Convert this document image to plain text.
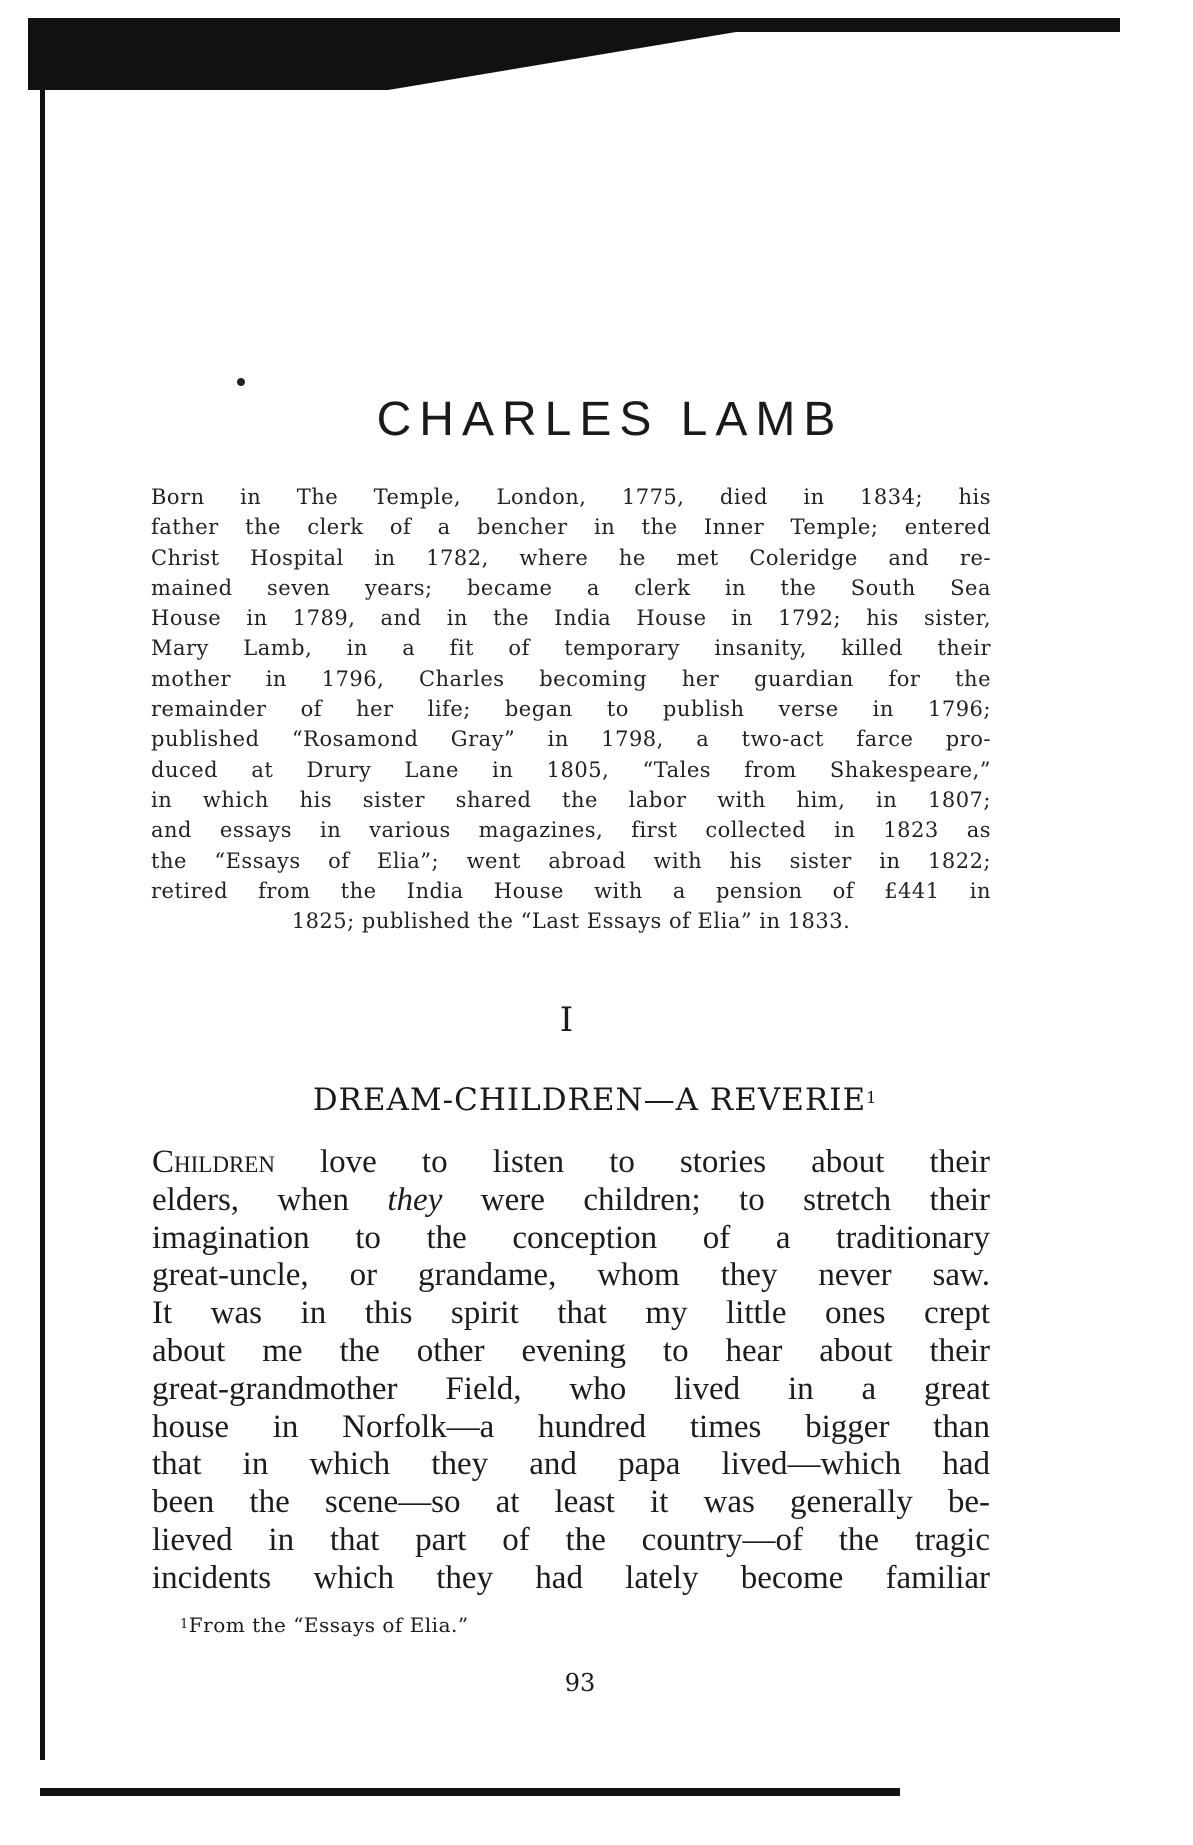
CHARLES LAMB
Born in The Temple, London, 1775, died in 1834; his
father the clerk of a bencher in the Inner Temple; entered
Christ Hospital in 1782, where he met Coleridge and re-
mained seven years; became a clerk in the South Sea
House in 1789, and in the India House in 1792; his sister,
Mary Lamb, in a fit of temporary insanity, killed their
mother in 1796, Charles becoming her guardian for the
remainder of her life; began to publish verse in 1796;
published “Rosamond Gray” in 1798, a two-act farce pro-
duced at Drury Lane in 1805, “Tales from Shakespeare,”
in which his sister shared the labor with him, in 1807;
and essays in various magazines, first collected in 1823 as
the “Essays of Elia”; went abroad with his sister in 1822;
retired from the India House with a pension of £441 in
1825; published the “Last Essays of Elia” in 1833.
I
DREAM-CHILDREN—A REVERIE$^1$
Children love to listen to stories about their
elders, when they were children; to stretch their
imagination to the conception of a traditionary
great-uncle, or grandame, whom they never saw.
It was in this spirit that my little ones crept
about me the other evening to hear about their
great-grandmother Field, who lived in a great
house in Norfolk—a hundred times bigger than
that in which they and papa lived—which had
been the scene—so at least it was generally be-
lieved in that part of the country—of the tragic
incidents which they had lately become familiar

$^1$From the “Essays of Elia.”

93
